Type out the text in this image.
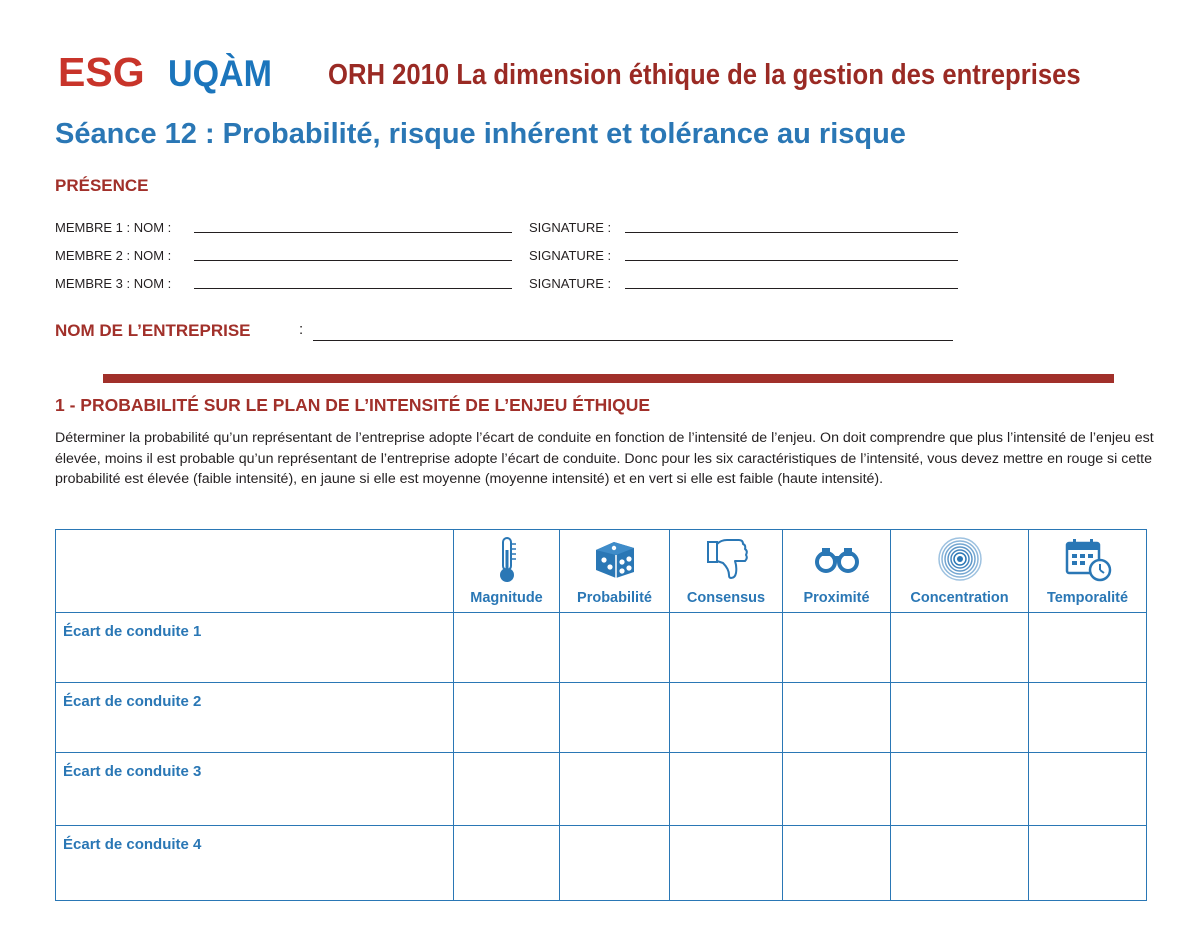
ESG UQÀM ORH 2010 La dimension éthique de la gestion des entreprises
Séance 12 : Probabilité, risque inhérent et tolérance au risque
PRÉSENCE
MEMBRE 1 : NOM :	SIGNATURE :
MEMBRE 2 : NOM :	SIGNATURE :
MEMBRE 3 : NOM :	SIGNATURE :
NOM DE L’ENTREPRISE	:
1 - PROBABILITÉ SUR LE PLAN DE L’INTENSITÉ DE L’ENJEU ÉTHIQUE
Déterminer la probabilité qu’un représentant de l’entreprise adopte l’écart de conduite en fonction de l’intensité de l’enjeu. On doit comprendre que plus l’intensité de l’enjeu est élevée, moins il est probable qu’un représentant de l’entreprise adopte l’écart de conduite. Donc pour les six caractéristiques de l’intensité, vous devez mettre en rouge si cette probabilité est élevée (faible intensité), en jaune si elle est moyenne (moyenne intensité) et en vert si elle est faible (haute intensité).

	Magnitude	Probabilité	Consensus	Proximité	Concentration	Temporalité

Écart de conduite 1						
Écart de conduite 2						
Écart de conduite 3						
Écart de conduite 4						
